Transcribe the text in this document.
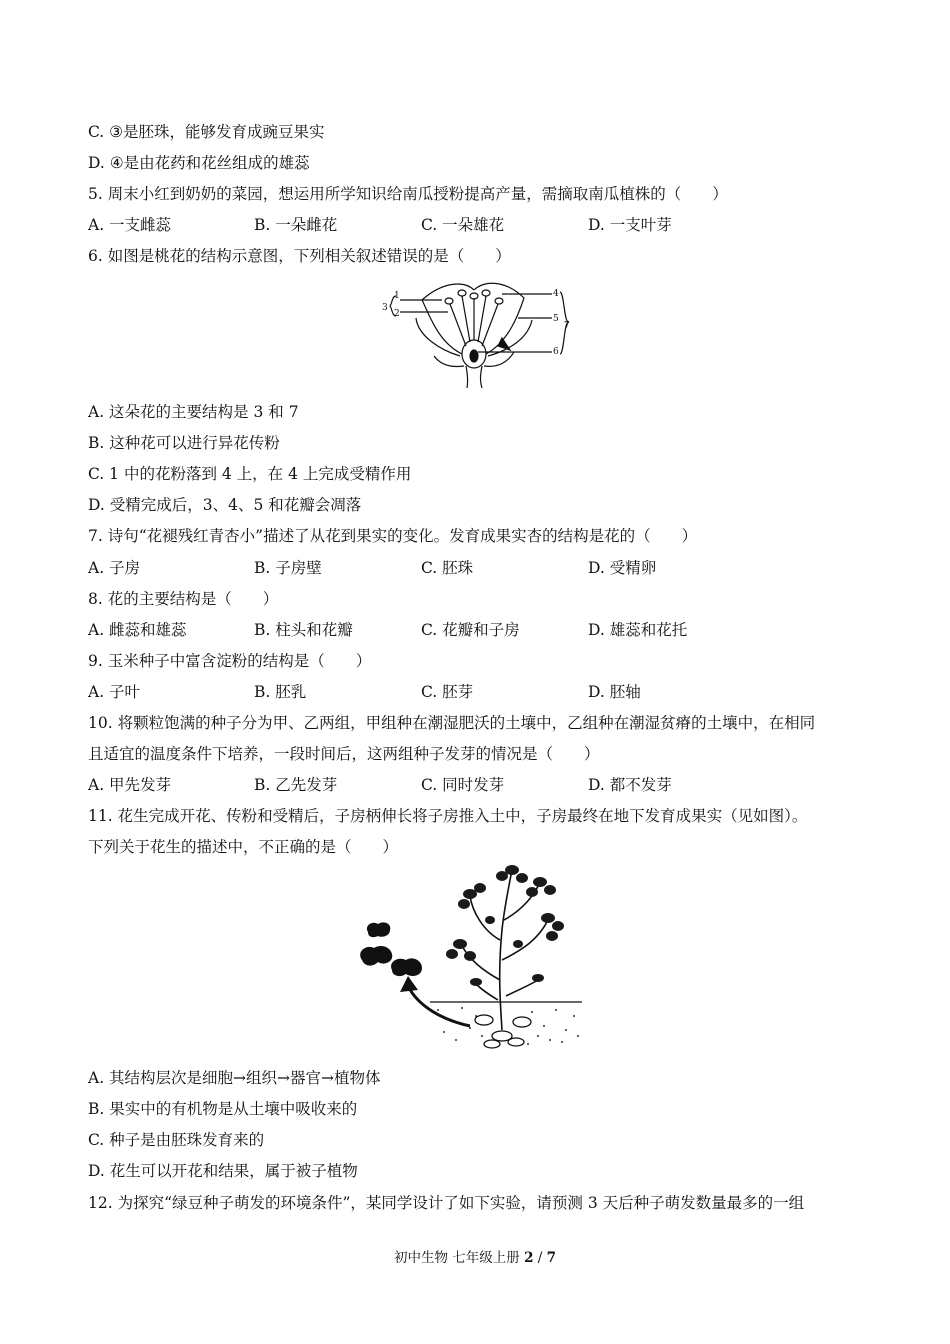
C. ③是胚珠，能够发育成豌豆果实
D. ④是由花药和花丝组成的雄蕊
5. 周末小红到奶奶的菜园，想运用所学知识给南瓜授粉提高产量，需摘取南瓜植株的（　　）
A. 一支雌蕊	B. 一朵雌花	C. 一朵雄花	D. 一支叶芽
6. 如图是桃花的结构示意图，下列相关叙述错误的是（　　）
1
2
3
4
5
6
7
A. 这朵花的主要结构是 3 和 7
B. 这种花可以进行异花传粉
C. 1 中的花粉落到 4 上，在 4 上完成受精作用
D. 受精完成后，3、4、5 和花瓣会凋落
7. 诗句“花褪残红青杏小”描述了从花到果实的变化。发育成果实杏的结构是花的（　　）
A. 子房	B. 子房壁	C. 胚珠	D. 受精卵
8. 花的主要结构是（　　）
A. 雌蕊和雄蕊	B. 柱头和花瓣	C. 花瓣和子房	D. 雄蕊和花托
9. 玉米种子中富含淀粉的结构是（　　）
A. 子叶	B. 胚乳	C. 胚芽	D. 胚轴
10. 将颗粒饱满的种子分为甲、乙两组，甲组种在潮湿肥沃的土壤中，乙组种在潮湿贫瘠的土壤中，在相同
且适宜的温度条件下培养，一段时间后，这两组种子发芽的情况是（　　）
A. 甲先发芽	B. 乙先发芽	C. 同时发芽	D. 都不发芽
11. 花生完成开花、传粉和受精后，子房柄伸长将子房推入土中，子房最终在地下发育成果实（见如图）。
下列关于花生的描述中，不正确的是（　　）
A. 其结构层次是细胞→组织→器官→植物体
B. 果实中的有机物是从土壤中吸收来的
C. 种子是由胚珠发育来的
D. 花生可以开花和结果，属于被子植物
12. 为探究“绿豆种子萌发的环境条件”，某同学设计了如下实验，请预测 3 天后种子萌发数量最多的一组
初中生物 七年级上册 2 / 7
